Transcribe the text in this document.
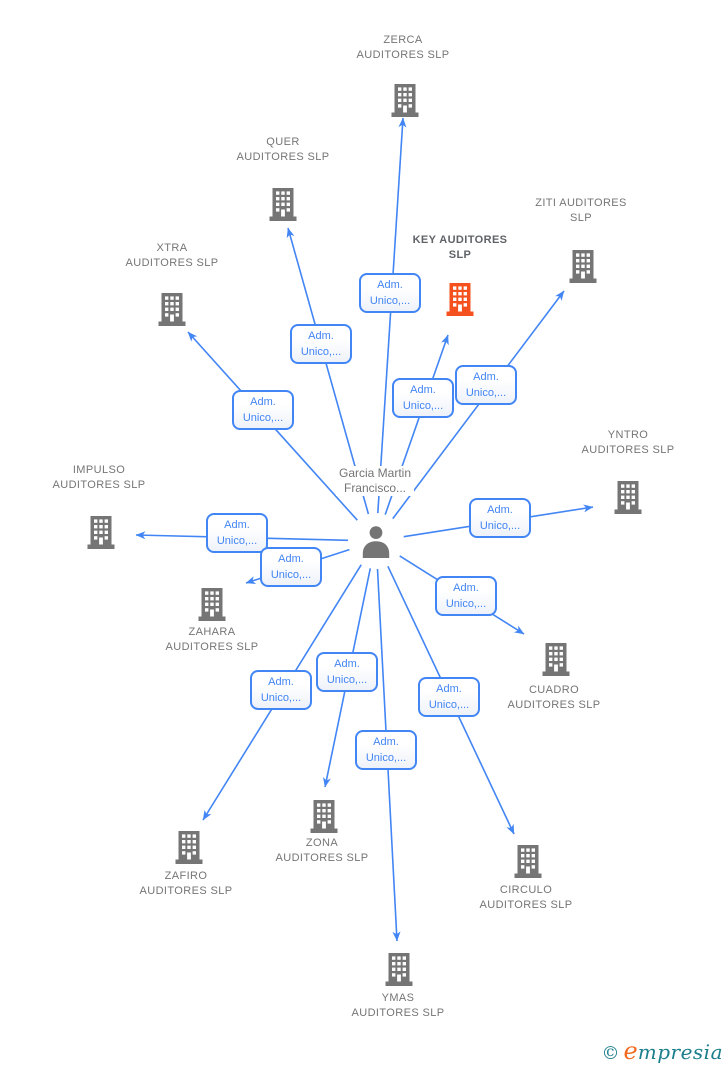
Garcia Martin Francisco...
© empresia
Adm. Unico,...
Adm. Unico,...
Adm. Unico,...
Adm. Unico,...
Adm. Unico,...
Adm. Unico,...
Adm. Unico,...
Adm. Unico,...
Adm. Unico,...
Adm. Unico,...
Adm. Unico,...
Adm. Unico,...
Adm. Unico,...
ZERCA AUDITORES SLP
QUER AUDITORES SLP
XTRA AUDITORES SLP
KEY AUDITORES SLP
ZITI AUDITORES SLP
YNTRO AUDITORES SLP
IMPULSO AUDITORES SLP
ZAHARA AUDITORES SLP
CUADRO AUDITORES SLP
ZAFIRO AUDITORES SLP
ZONA AUDITORES SLP
CIRCULO AUDITORES SLP
YMAS AUDITORES SLP
